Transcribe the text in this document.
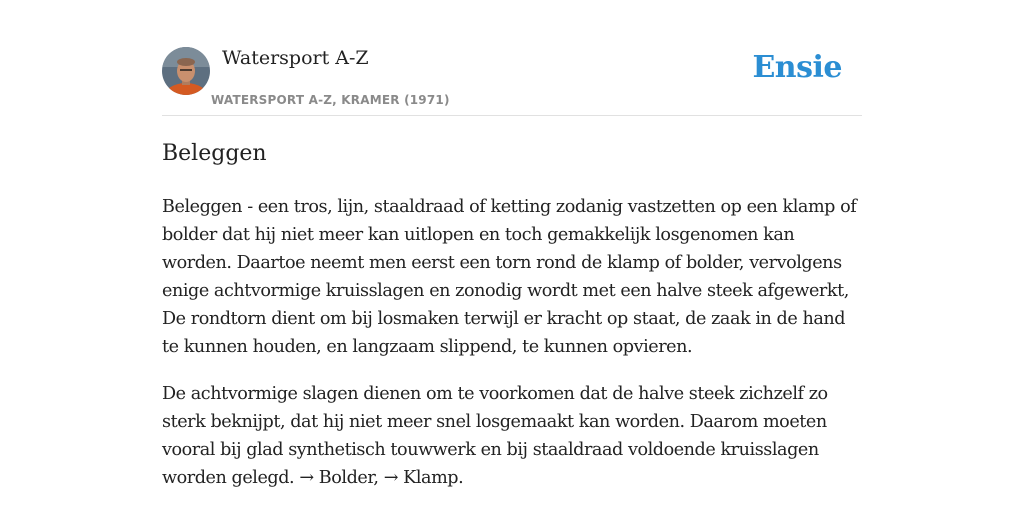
Watersport A-Z
WATERSPORT A-Z, KRAMER (1971)
Ensie
Beleggen

Beleggen - een tros, lijn, staaldraad of ketting zodanig vastzetten op een klamp of bolder dat hij niet meer kan uitlopen en toch gemakkelijk losgenomen kan worden. Daartoe neemt men eerst een torn rond de klamp of bolder, vervolgens enige achtvormige kruisslagen en zonodig wordt met een halve steek afgewerkt, De rondtorn dient om bij losmaken terwijl er kracht op staat, de zaak in de hand te kunnen houden, en langzaam slippend, te kunnen opvieren.

De achtvormige slagen dienen om te voorkomen dat de halve steek zichzelf zo sterk beknijpt, dat hij niet meer snel losgemaakt kan worden. Daarom moeten vooral bij glad synthetisch touwwerk en bij staaldraad voldoende kruisslagen worden gelegd. → Bolder, → Klamp.
